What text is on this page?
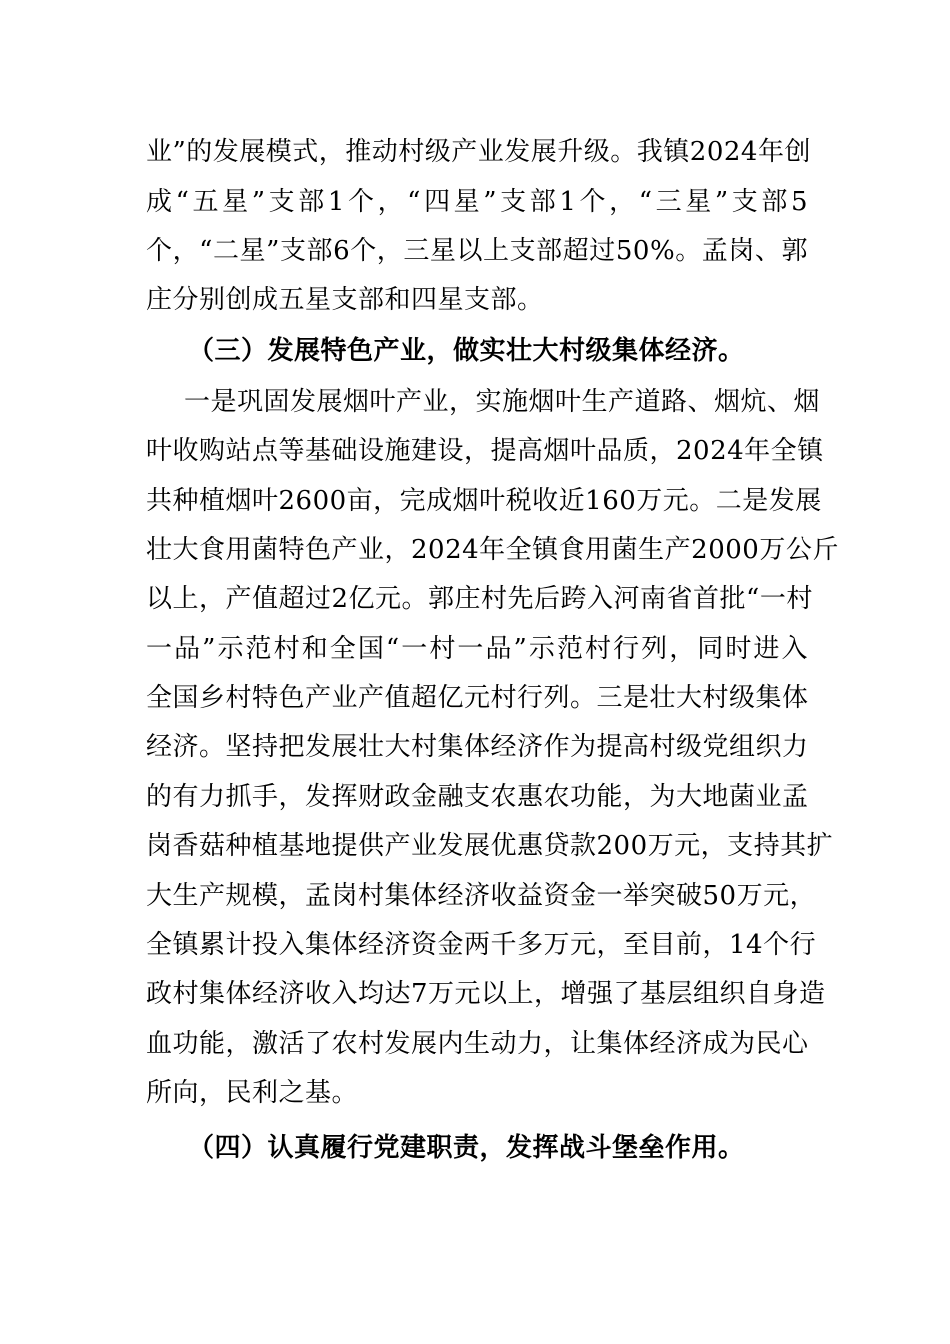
业”的发展模式，推动村级产业发展升级。我镇2024年创
成“五星”支部1个，“四星”支部1个，“三星”支部5
个，“二星”支部6个，三星以上支部超过50%。孟岗、郭
庄分别创成五星支部和四星支部。
（三）发展特色产业，做实壮大村级集体经济。
一是巩固发展烟叶产业，实施烟叶生产道路、烟炕、烟
叶收购站点等基础设施建设，提高烟叶品质，2024年全镇
共种植烟叶2600亩，完成烟叶税收近160万元。二是发展
壮大食用菌特色产业，2024年全镇食用菌生产2000万公斤
以上，产值超过2亿元。郭庄村先后跨入河南省首批“一村
一品”示范村和全国“一村一品”示范村行列，同时进入
全国乡村特色产业产值超亿元村行列。三是壮大村级集体
经济。坚持把发展壮大村集体经济作为提高村级党组织力
的有力抓手，发挥财政金融支农惠农功能，为大地菌业孟
岗香菇种植基地提供产业发展优惠贷款200万元，支持其扩
大生产规模，孟岗村集体经济收益资金一举突破50万元，
全镇累计投入集体经济资金两千多万元，至目前，14个行
政村集体经济收入均达7万元以上，增强了基层组织自身造
血功能，激活了农村发展内生动力，让集体经济成为民心
所向，民利之基。
（四）认真履行党建职责，发挥战斗堡垒作用。
